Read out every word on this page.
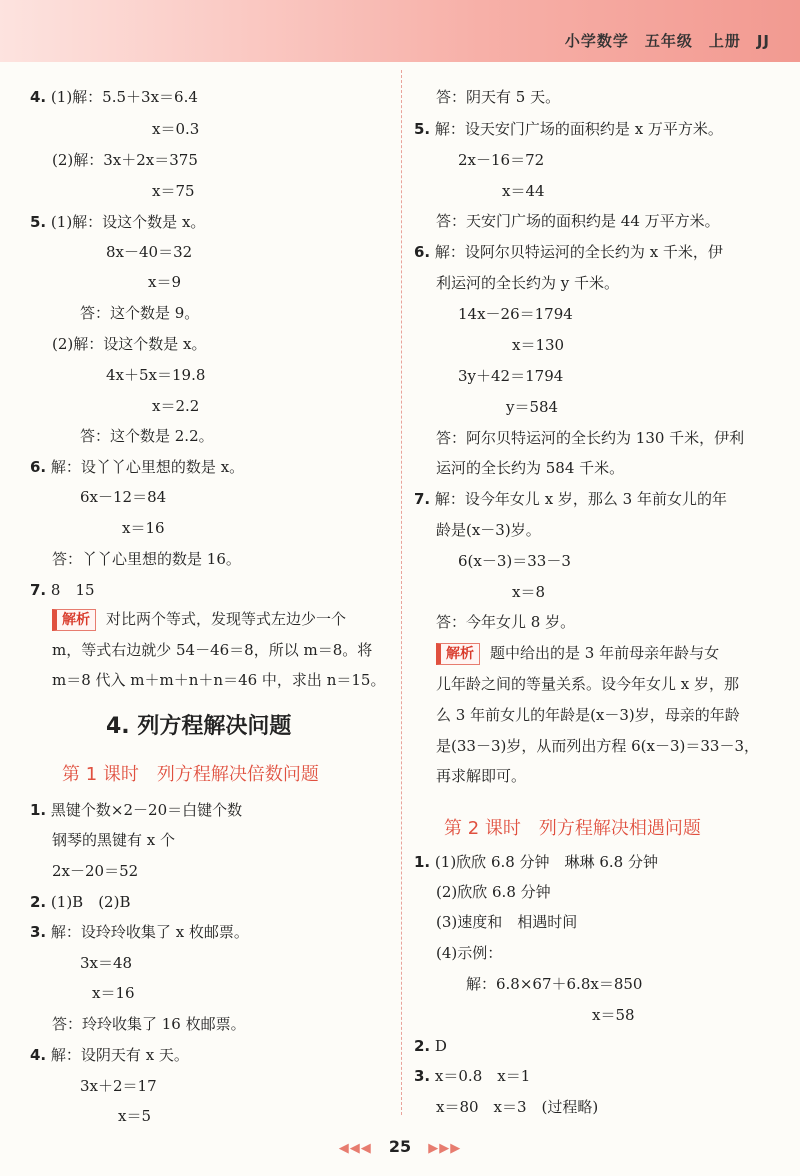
小学数学　五年级　上册　JJ
4. (1)解：5.5＋3x＝6.4
x＝0.3
(2)解：3x＋2x＝375
x＝75
5. (1)解：设这个数是 x。
8x－40＝32
x＝9
答：这个数是 9。
(2)解：设这个数是 x。
4x＋5x＝19.8
x＝2.2
答：这个数是 2.2。
6. 解：设丫丫心里想的数是 x。
6x－12＝84
x＝16
答：丫丫心里想的数是 16。
7. 8　15
解析 对比两个等式，发现等式左边少一个
m，等式右边就少 54－46＝8，所以 m＝8。将
m＝8 代入 m＋m＋n＋n＝46 中，求出 n＝15。
4. 列方程解决问题
第 1 课时　列方程解决倍数问题
1. 黑键个数×2－20＝白键个数
钢琴的黑键有 x 个
2x－20＝52
2. (1)B　(2)B
3. 解：设玲玲收集了 x 枚邮票。
3x＝48
x＝16
答：玲玲收集了 16 枚邮票。
4. 解：设阴天有 x 天。
3x＋2＝17
x＝5
答：阴天有 5 天。
5. 解：设天安门广场的面积约是 x 万平方米。
2x－16＝72
x＝44
答：天安门广场的面积约是 44 万平方米。
6. 解：设阿尔贝特运河的全长约为 x 千米，伊
利运河的全长约为 y 千米。
14x－26＝1794
x＝130
3y＋42＝1794
y＝584
答：阿尔贝特运河的全长约为 130 千米，伊利
运河的全长约为 584 千米。
7. 解：设今年女儿 x 岁，那么 3 年前女儿的年
龄是(x－3)岁。
6(x－3)＝33－3
x＝8
答：今年女儿 8 岁。
解析 题中给出的是 3 年前母亲年龄与女
儿年龄之间的等量关系。设今年女儿 x 岁，那
么 3 年前女儿的年龄是(x－3)岁，母亲的年龄
是(33－3)岁，从而列出方程 6(x－3)＝33－3，
再求解即可。
第 2 课时　列方程解决相遇问题
1. (1)欣欣 6.8 分钟　琳琳 6.8 分钟
(2)欣欣 6.8 分钟
(3)速度和　相遇时间
(4)示例：
解：6.8×67＋6.8x＝850
x＝58
2. D
3. x＝0.8　x＝1
x＝80　x＝3　(过程略)
◀◀◀ 25 ▶▶▶
